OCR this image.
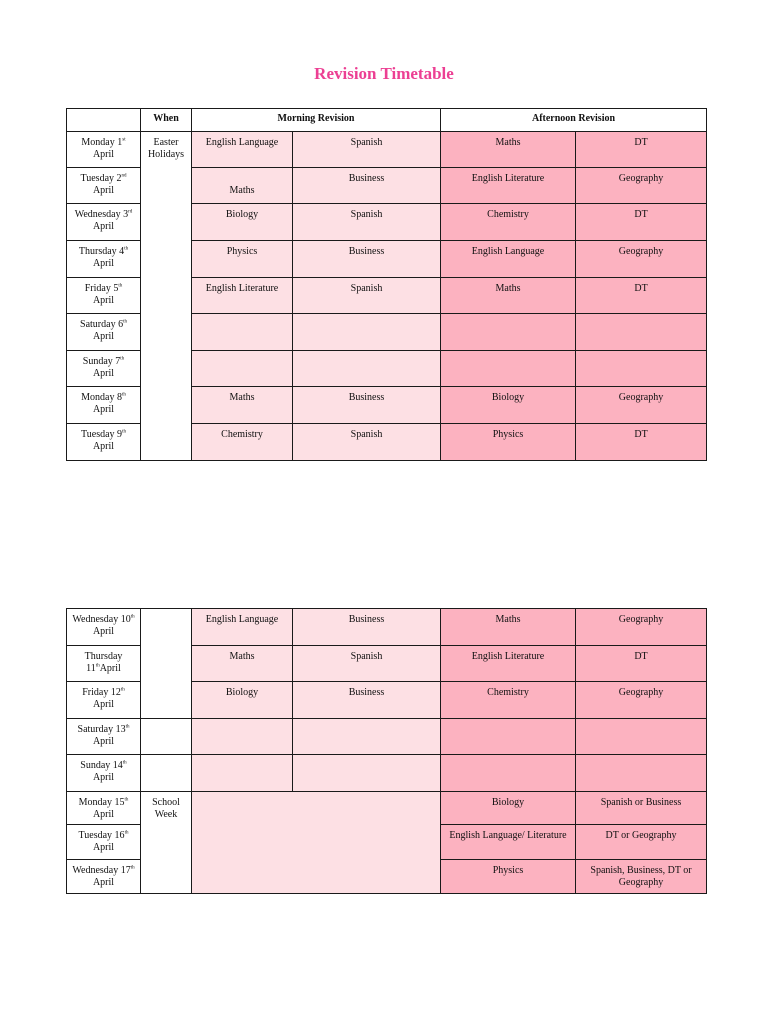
Revision Timetable
	When	Morning Revision		Afternoon Revision	
Monday 1st
April	Easter Holidays	English Language	Spanish	Maths	DT
Tuesday 2nd
April		Maths	Business	English Literature	Geography
Wednesday 3rd
April		Biology	Spanish	Chemistry	DT
Thursday 4th
April		Physics	Business	English Language	Geography
Friday 5th
April		English Literature	Spanish	Maths	DT
Saturday 6th
April					
Sunday 7th
April					
Monday 8th
April		Maths	Business	Biology	Geography
Tuesday 9th
April		Chemistry	Spanish	Physics	DT
Wednesday 10th
April		English Language	Business	Maths	Geography
Thursday
11thApril		Maths	Spanish	English Literature	DT
Friday 12th
April		Biology	Business	Chemistry	Geography
Saturday 13th
April					
Sunday 14th
April					
Monday 15th
April	School Week			Biology	Spanish or Business
Tuesday 16th
April				English Language/ Literature	DT or Geography
Wednesday 17th
April				Physics	Spanish, Business, DT or Geography
